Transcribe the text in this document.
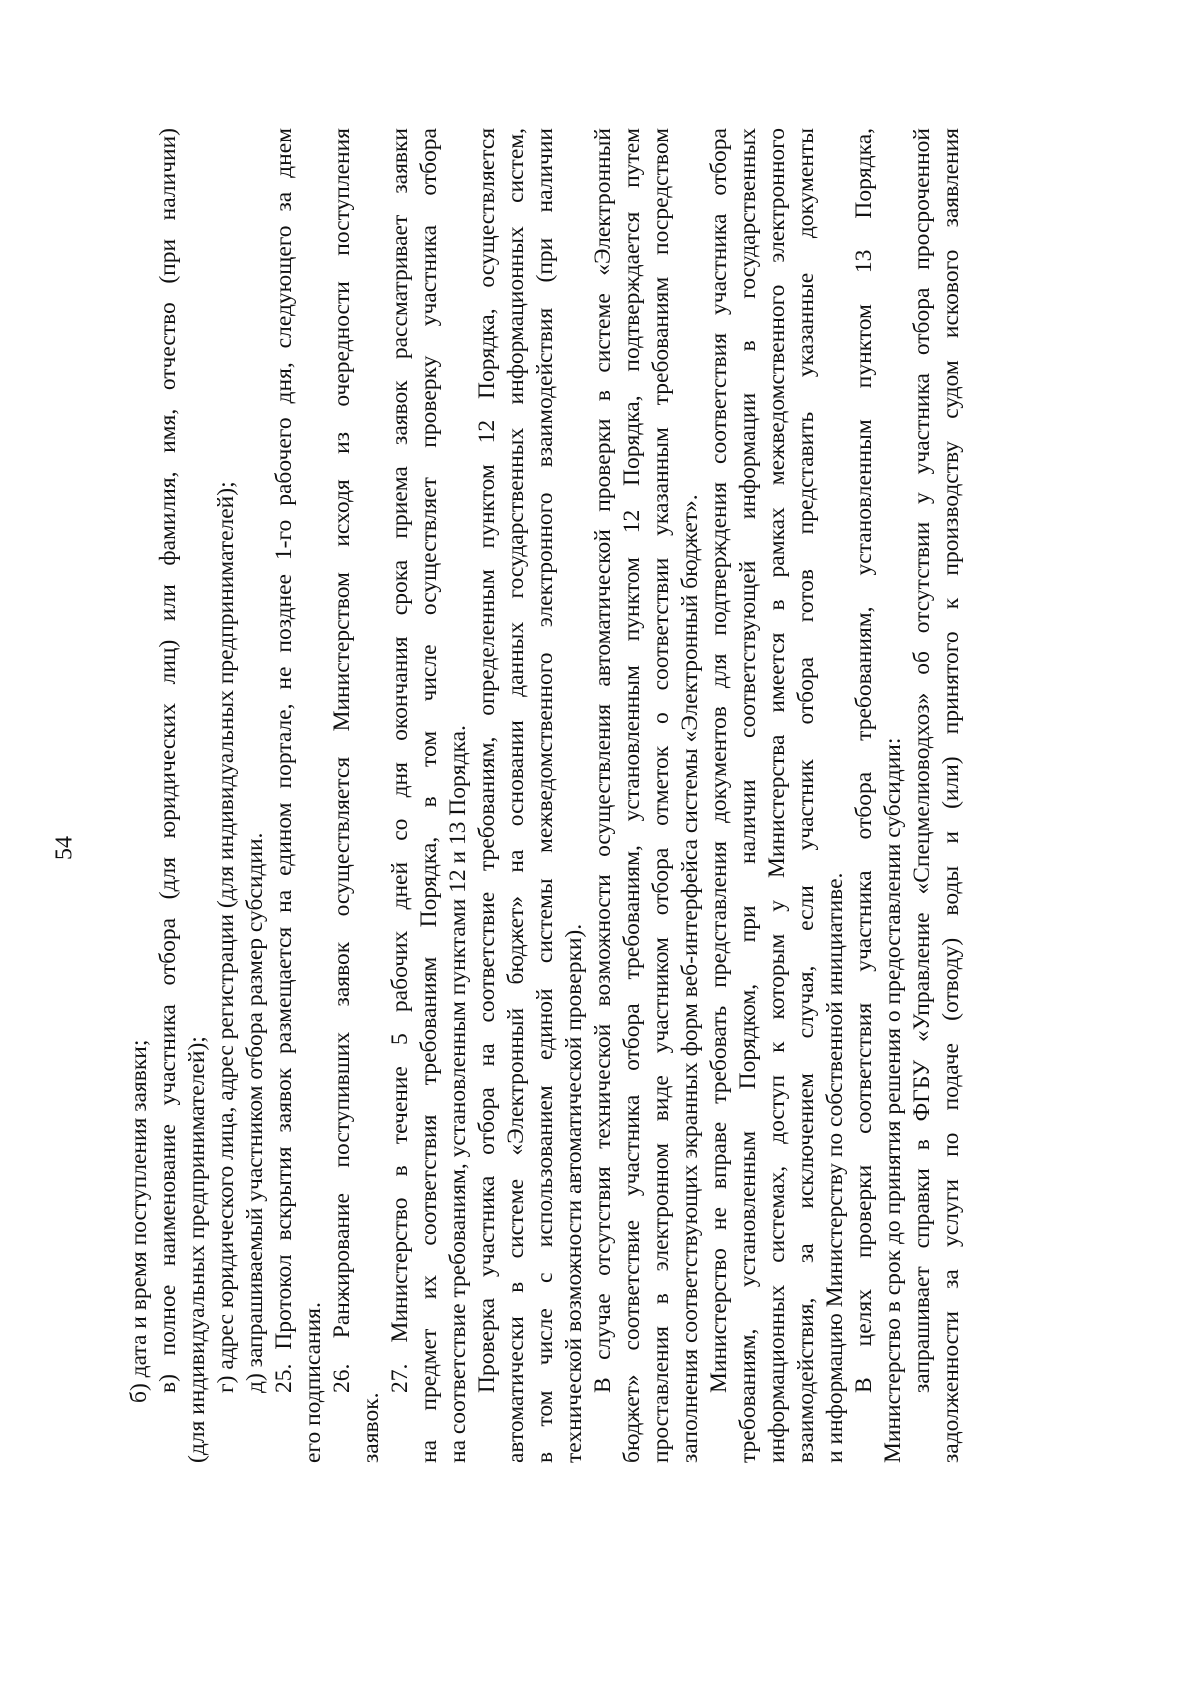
54
б) дата и время поступления заявки; в) полное наименование участника отбора (для юридических лиц) или фамилия, имя, отчество (при наличии) (для индивидуальных предпринимателей); г) адрес юридического лица, адрес регистрации (для индивидуальных предпринимателей); д) запрашиваемый участником отбора размер субсидии. 25. Протокол вскрытия заявок размещается на едином портале, не позднее 1-го рабочего дня, следующего за днем его подписания. 26. Ранжирование поступивших заявок осуществляется Министерством исходя из очередности поступления
заявок.
27. Министерство в течение 5 рабочих дней со дня окончания срока приема заявок рассматривает заявки на предмет их соответствия требованиям Порядка, в том числе осуществляет проверку участника отбора на соответствие требованиям, установленным пунктами 12 и 13 Порядка. Проверка участника отбора на соответствие требованиям, определенным пунктом 12 Порядка, осуществляется автоматически в системе «Электронный бюджет» на основании данных государственных информационных систем, в том числе с использованием единой системы межведомственного электронного взаимодействия (при наличии технической возможности автоматической проверки). В случае отсутствия технической возможности осуществления автоматической проверки в системе «Электронный бюджет» соответствие участника отбора требованиям, установленным пунктом 12 Порядка, подтверждается путем проставления в электронном виде участником отбора отметок о соответствии указанным требованиям посредством заполнения соответствующих экранных форм веб-интерфейса системы «Электронный бюджет». Министерство не вправе требовать представления документов для подтверждения соответствия участника отбора требованиям, установленным Порядком, при наличии соответствующей информации в государственных информационных системах, доступ к которым у Министерства имеется в рамках межведомственного электронного взаимодействия, за исключением случая, если участник отбора готов представить указанные документы и информацию Министерству по собственной инициативе. В целях проверки соответствия участника отбора требованиям, установленным пунктом 13 Порядка, Министерство в срок до принятия решения о предоставлении субсидии: запрашивает справки в ФГБУ «Управление «Спецмелиоводхоз» об отсутствии у участника отбора просроченной задолженности за услуги по подаче (отводу) воды и (или) принятого к производству судом искового заявления
